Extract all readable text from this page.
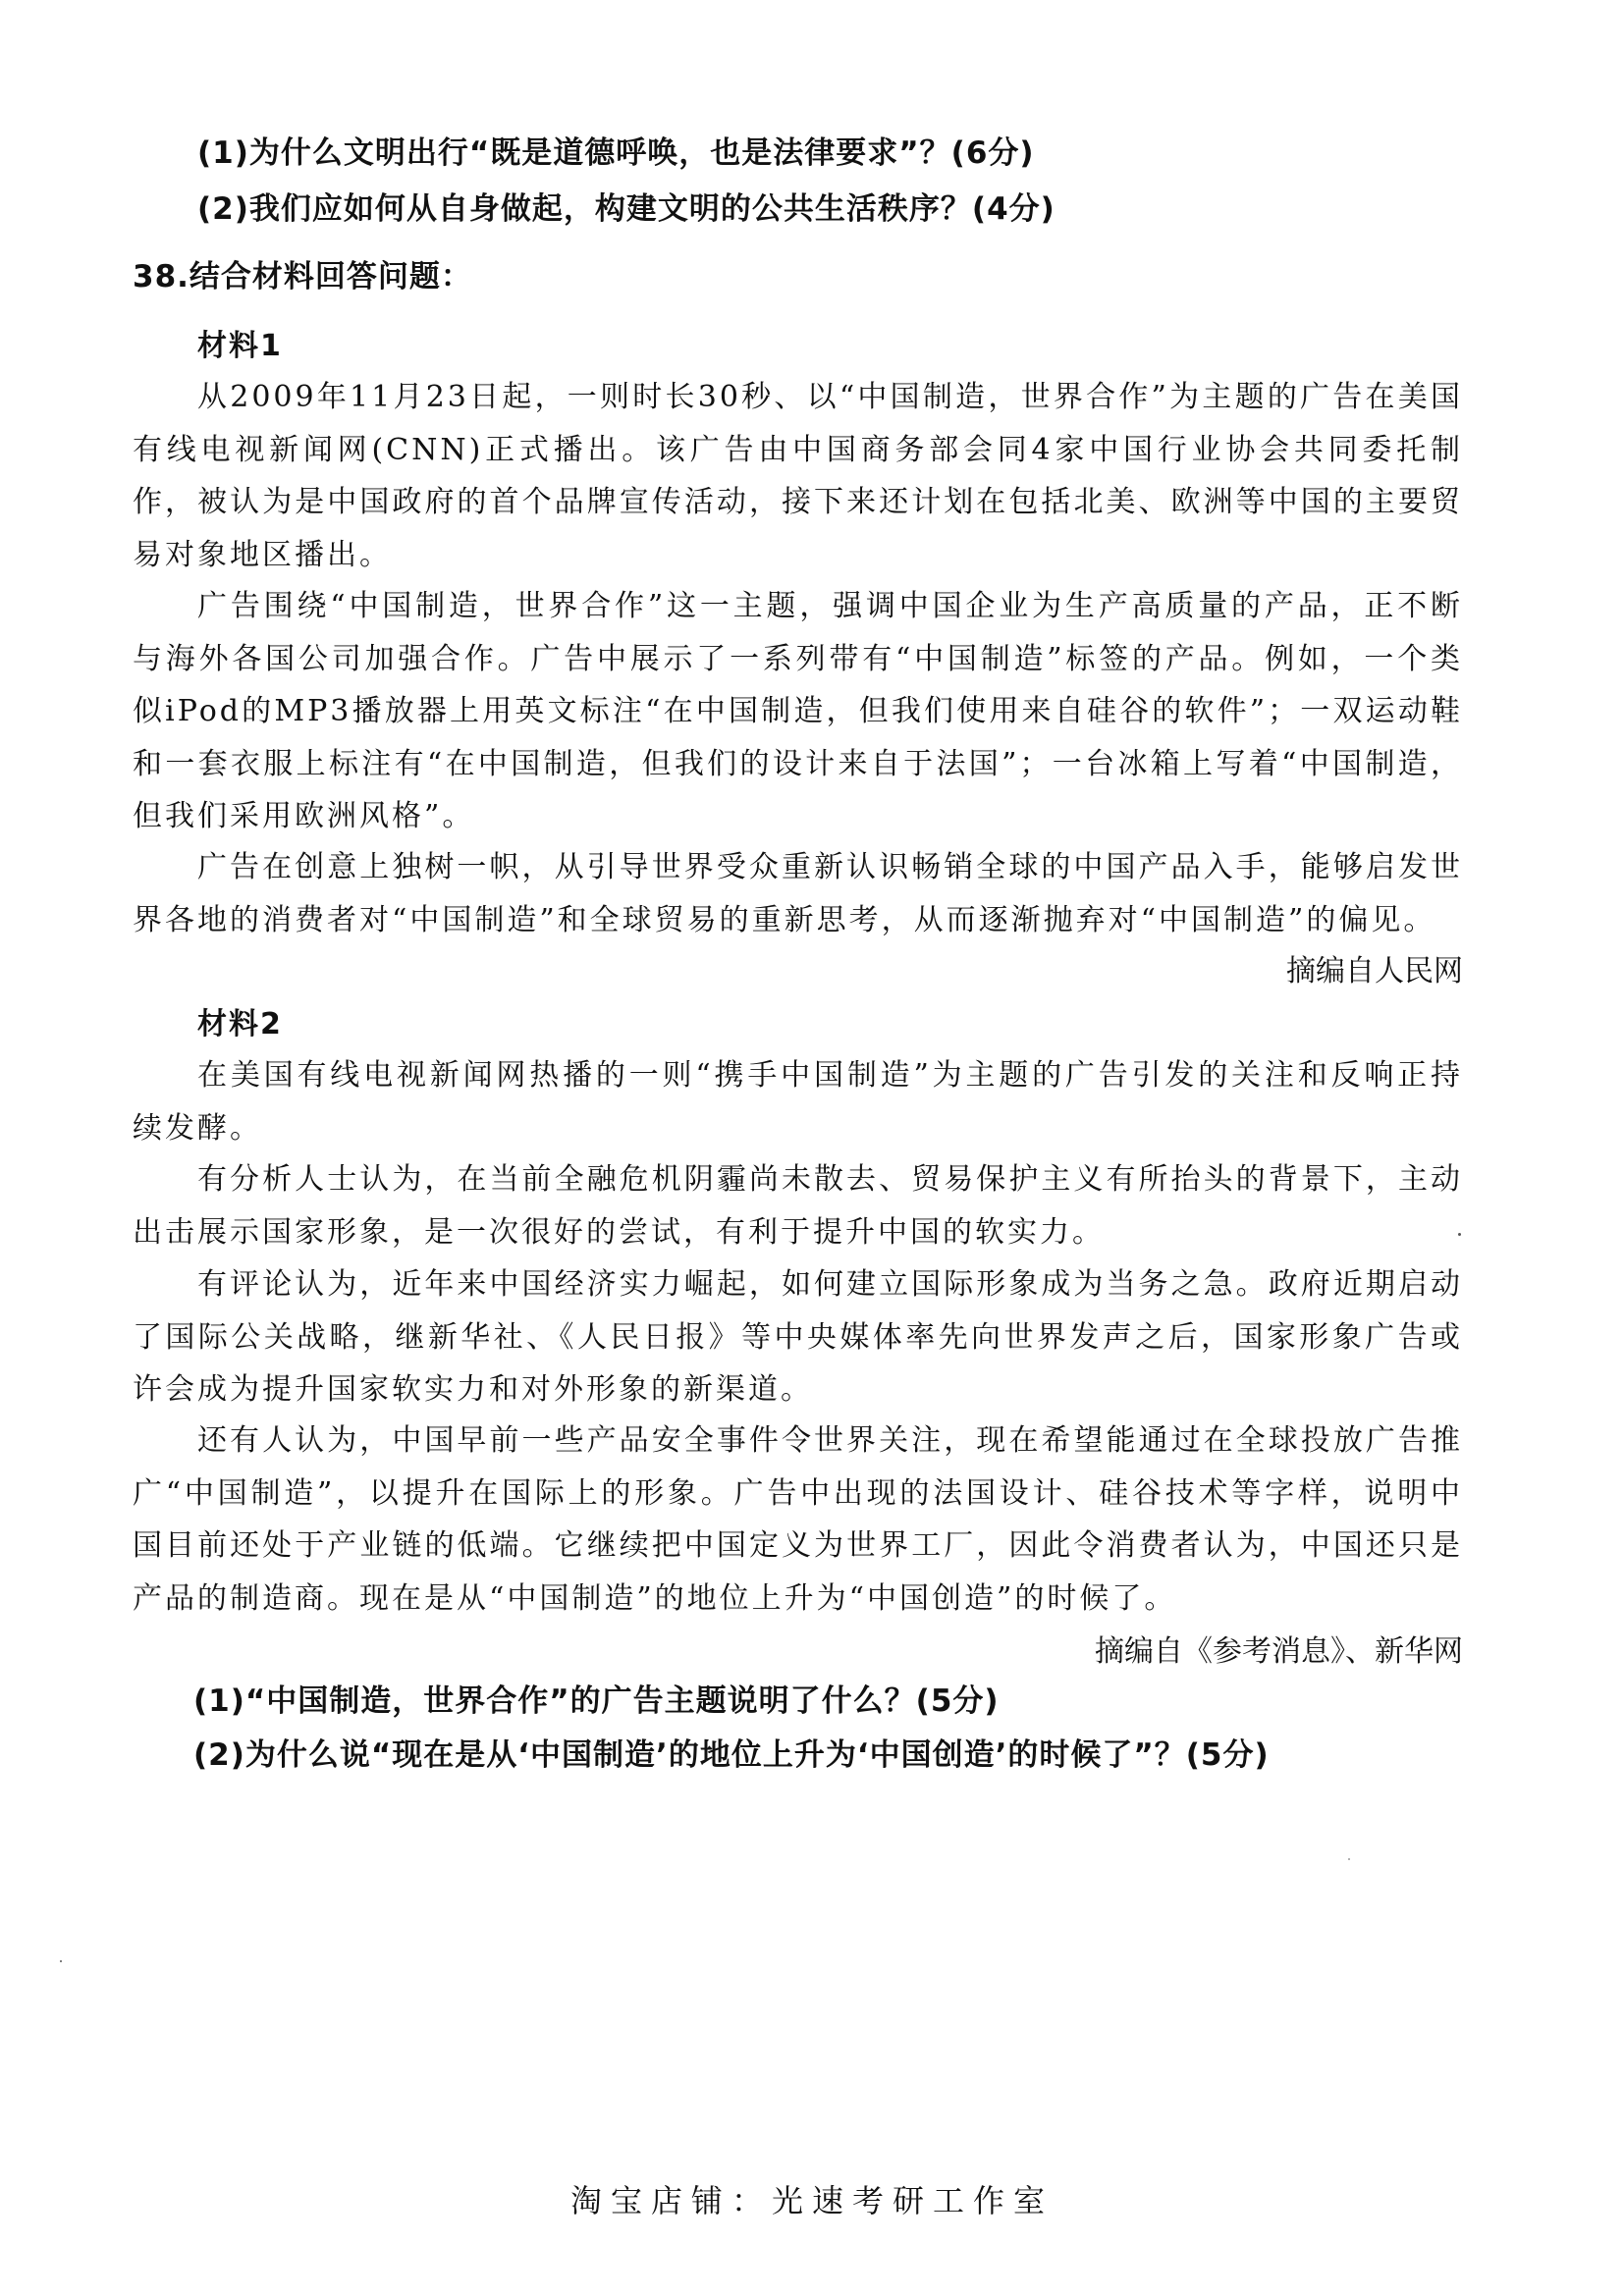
(1)为什么文明出行“既是道德呼唤，也是法律要求”？(6分)
(2)我们应如何从自身做起，构建文明的公共生活秩序？(4分)
38.结合材料回答问题：
材料1

从2009年11月23日起，一则时长30秒、以“中国制造，世界合作”为主题的广告在美国有线电视新闻网(CNN)正式播出。该广告由中国商务部会同4家中国行业协会共同委托制作，被认为是中国政府的首个品牌宣传活动，接下来还计划在包括北美、欧洲等中国的主要贸易对象地区播出。

广告围绕“中国制造，世界合作”这一主题，强调中国企业为生产高质量的产品，正不断与海外各国公司加强合作。广告中展示了一系列带有“中国制造”标签的产品。例如，一个类似iPod的MP3播放器上用英文标注“在中国制造，但我们使用来自硅谷的软件”；一双运动鞋和一套衣服上标注有“在中国制造，但我们的设计来自于法国”；一台冰箱上写着“中国制造，但我们采用欧洲风格”。

广告在创意上独树一帜，从引导世界受众重新认识畅销全球的中国产品入手，能够启发世界各地的消费者对“中国制造”和全球贸易的重新思考，从而逐渐抛弃对“中国制造”的偏见。

摘编自人民网
材料2

在美国有线电视新闻网热播的一则“携手中国制造”为主题的广告引发的关注和反响正持续发酵。

有分析人士认为，在当前全融危机阴霾尚未散去、贸易保护主义有所抬头的背景下，主动出击展示国家形象，是一次很好的尝试，有利于提升中国的软实力。

有评论认为，近年来中国经济实力崛起，如何建立国际形象成为当务之急。政府近期启动了国际公关战略，继新华社、《人民日报》等中央媒体率先向世界发声之后，国家形象广告或许会成为提升国家软实力和对外形象的新渠道。

还有人认为，中国早前一些产品安全事件令世界关注，现在希望能通过在全球投放广告推广“中国制造”，以提升在国际上的形象。广告中出现的法国设计、硅谷技术等字样，说明中国目前还处于产业链的低端。它继续把中国定义为世界工厂，因此令消费者认为，中国还只是产品的制造商。现在是从“中国制造”的地位上升为“中国创造”的时候了。

摘编自《参考消息》、新华网
(1)“中国制造，世界合作”的广告主题说明了什么？(5分)
(2)为什么说“现在是从‘中国制造’的地位上升为‘中国创造’的时候了”？(5分)
淘宝店铺：光速考研工作室
